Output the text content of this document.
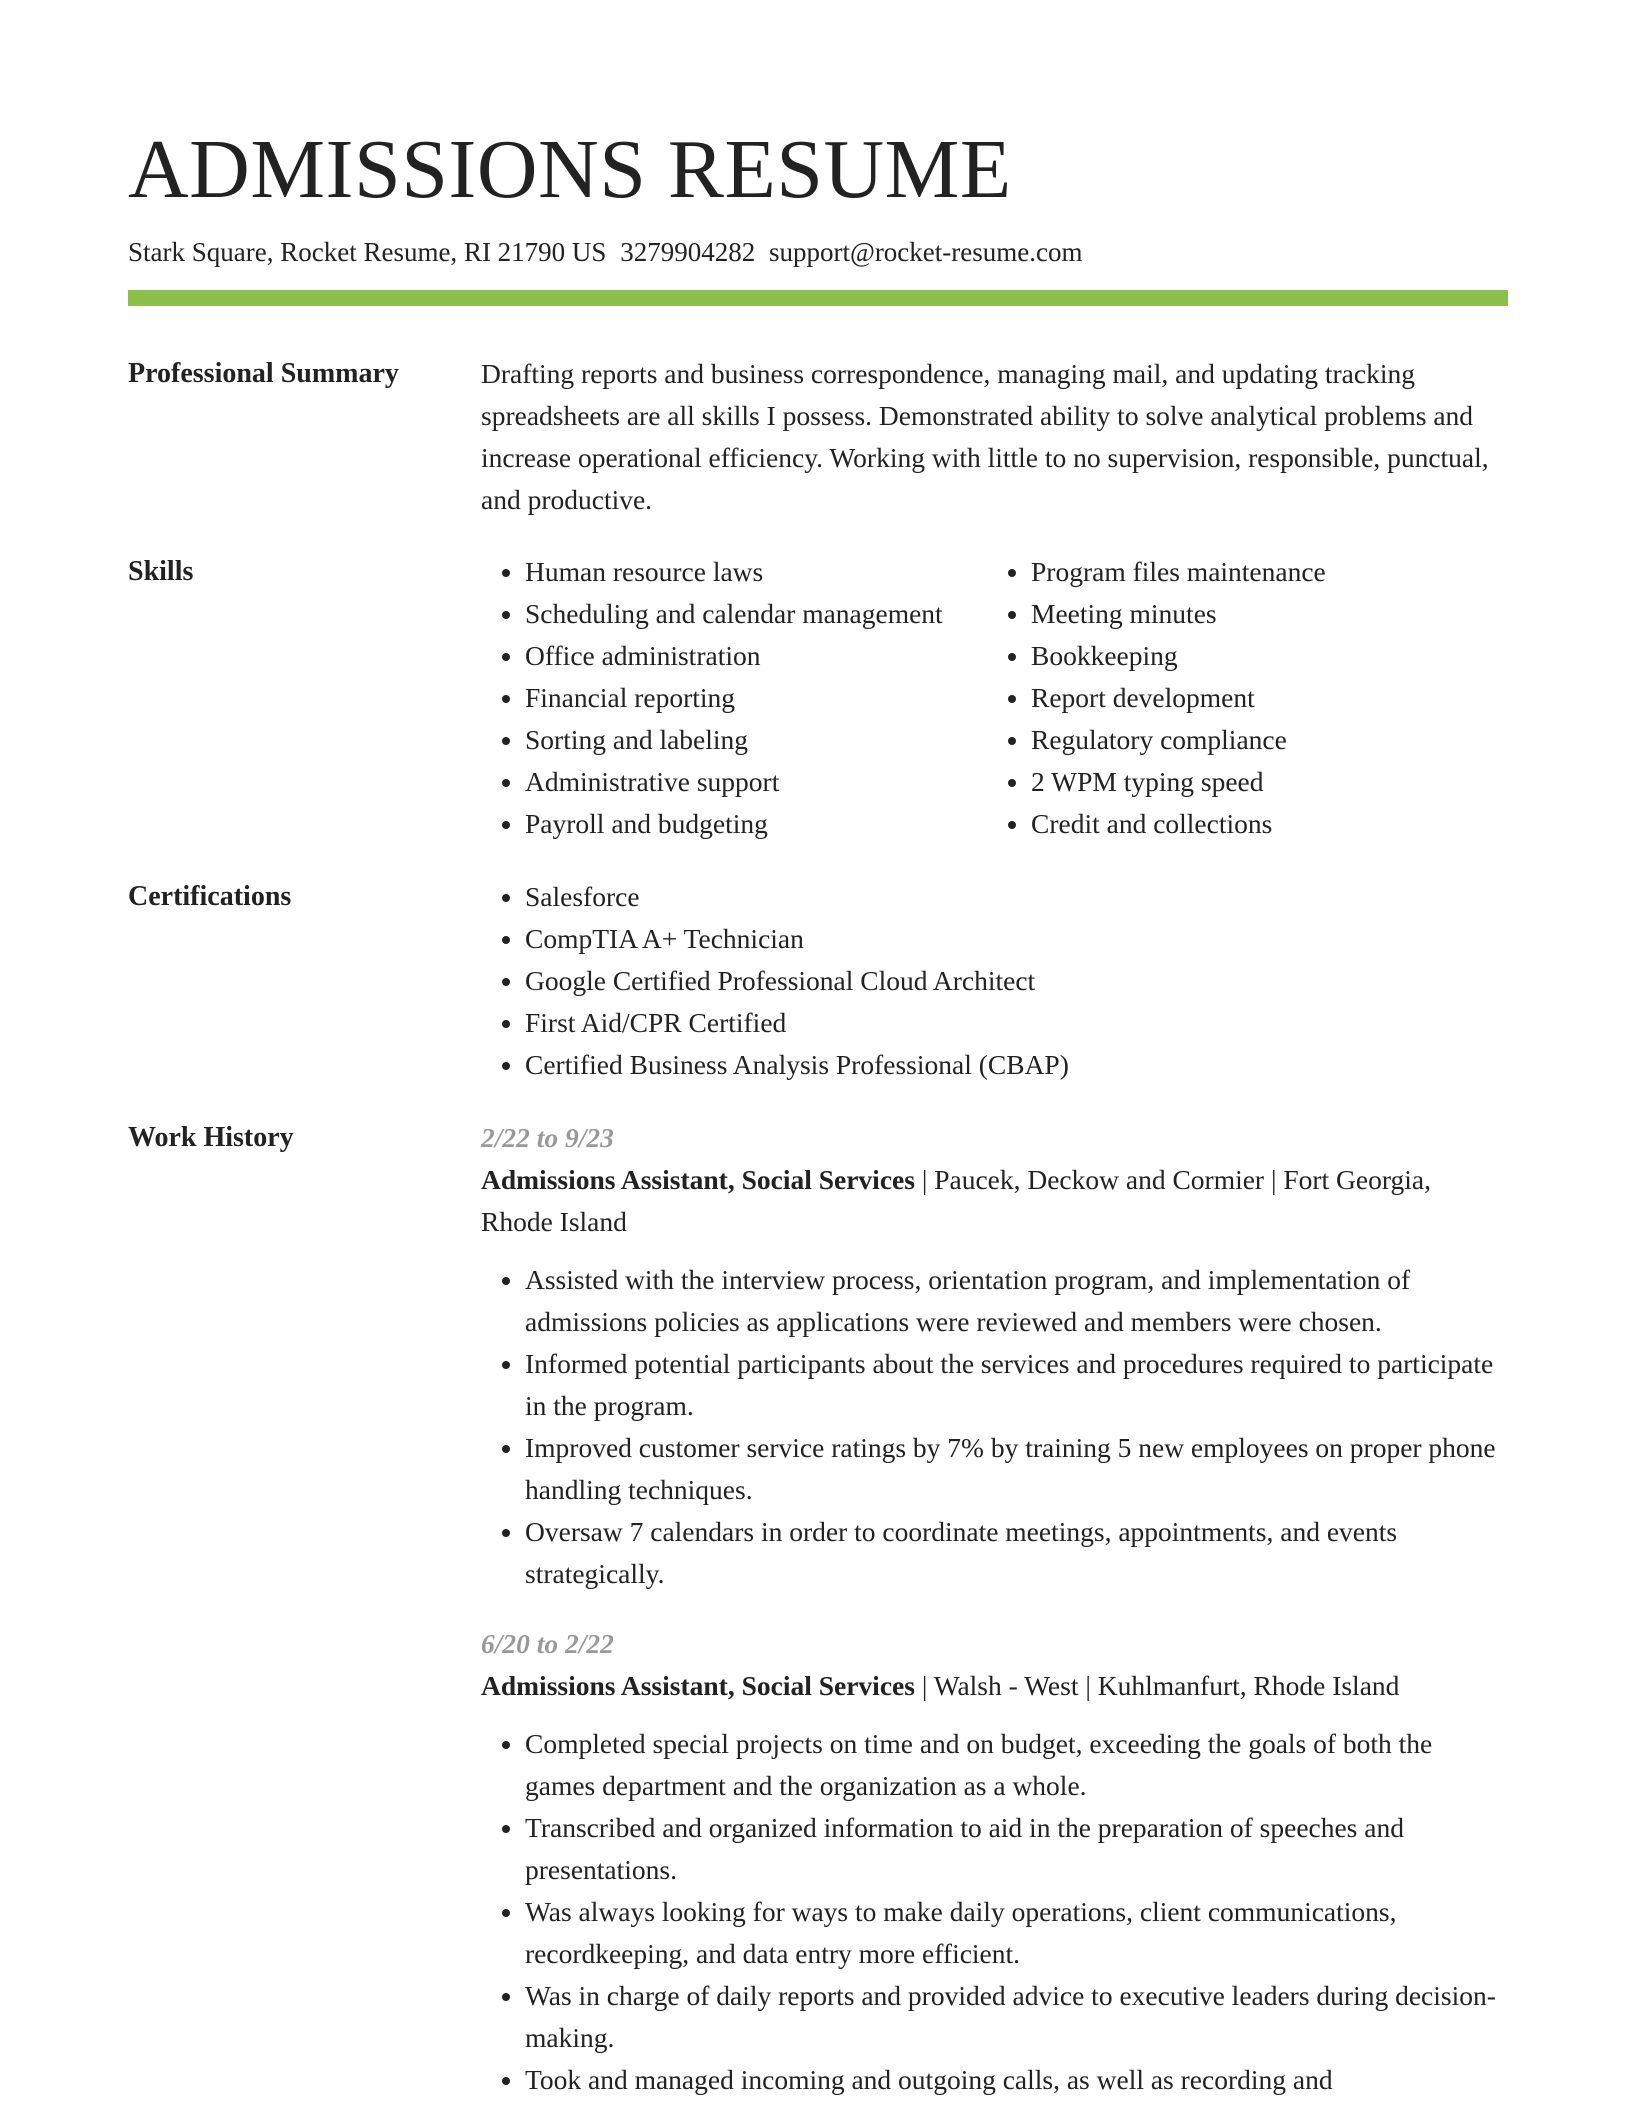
ADMISSIONS RESUME
Stark Square, Rocket Resume, RI 21790 US 3279904282 support@rocket-resume.com
Professional Summary	Drafting reports and business correspondence, managing mail, and updating tracking spreadsheets are all skills I possess. Demonstrated ability to solve analytical problems and increase operational efficiency. Working with little to no supervision, responsible, punctual, and productive.

Skills	• Human resource laws
• Scheduling and calendar management
• Office administration
• Financial reporting
• Sorting and labeling
• Administrative support
• Payroll and budgeting
• Program files maintenance
• Meeting minutes
• Bookkeeping
• Report development
• Regulatory compliance
• 2 WPM typing speed
• Credit and collections
Certifications	• Salesforce
• CompTIA A+ Technician
• Google Certified Professional Cloud Architect
• First Aid/CPR Certified
• Certified Business Analysis Professional (CBAP)
Work History	2/22 to 9/23

Admissions Assistant, Social Services | Paucek, Deckow and Cormier | Fort Georgia, Rhode Island

• Assisted with the interview process, orientation program, and implementation of admissions policies as applications were reviewed and members were chosen.
• Informed potential participants about the services and procedures required to participate in the program.
• Improved customer service ratings by 7% by training 5 new employees on proper phone handling techniques.
• Oversaw 7 calendars in order to coordinate meetings, appointments, and events strategically.
6/20 to 2/22

Admissions Assistant, Social Services | Walsh - West | Kuhlmanfurt, Rhode Island

• Completed special projects on time and on budget, exceeding the goals of both the games department and the organization as a whole.
• Transcribed and organized information to aid in the preparation of speeches and presentations.
• Was always looking for ways to make daily operations, client communications, recordkeeping, and data entry more efficient.
• Was in charge of daily reports and provided advice to executive leaders during decision-making.
• Took and managed incoming and outgoing calls, as well as recording and
